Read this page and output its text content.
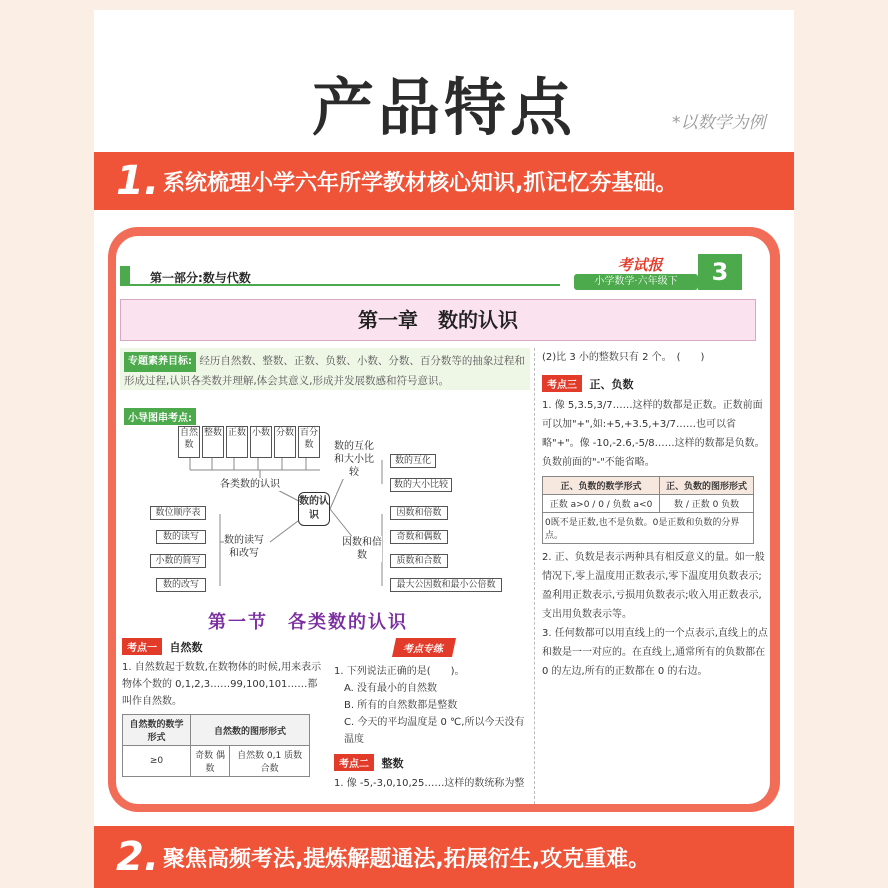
产品特点	*以数学为例
1. 系统梳理小学六年所学教材核心知识,抓记忆夯基础。
第一部分:数与代数
考试报
小学数学·六年级下	3
第一章　数的认识
专题素养目标: 经历自然数、整数、正数、负数、小数、分数、百分数等的抽象过程和形成过程,认识各类数并理解,体会其意义,形成并发展数感和符号意识。
小导图串考点:
自然数
整数 正数 小数 分数 百分数
各类数的认识
数的认识
数的读写和改写
数位顺序表
数的读写
小数的简写
数的改写
数的互化和大小比较
数的互化
数的大小比较
因数和倍数
因数和倍数
奇数和偶数
质数和合数
最大公因数和最小公倍数
第一节　各类数的认识
考点一 自然数
1. 自然数起于数数,在数物体的时候,用来表示物体个数的 0,1,2,3……99,100,101……都叫作自然数。
自然数的数学形式	自然数的图形形式	
≥0	奇数 偶数	自然数 0,1 质数 合数
考点专练
1. 下列说法正确的是(　　)。
A. 没有最小的自然数
B. 所有的自然数都是整数
C. 今天的平均温度是 0 ℃,所以今天没有温度
考点二 整数
1. 像 -5,-3,0,10,25……这样的数统称为整
(2)比 3 小的整数只有 2 个。　(　　)
考点三 正、负数
1. 像 5,3.5,3/7……这样的数都是正数。正数前面可以加"+",如:+5,+3.5,+3/7……也可以省略"+"。像 -10,-2.6,-5/8……这样的数都是负数。负数前面的"-"不能省略。
正、负数的数学形式	正、负数的图形形式
正数 a>0 / 0 / 负数 a<0	数 / 正数 0 负数
0既不是正数,也不是负数。0是正数和负数的分界点。	
2. 正、负数是表示两种具有相反意义的量。如一般情况下,零上温度用正数表示,零下温度用负数表示;盈利用正数表示,亏损用负数表示;收入用正数表示,支出用负数表示等。
3. 任何数都可以用直线上的一个点表示,直线上的点和数是一一对应的。在直线上,通常所有的负数都在 0 的左边,所有的正数都在 0 的右边。
2. 聚焦高频考法,提炼解题通法,拓展衍生,攻克重难。
